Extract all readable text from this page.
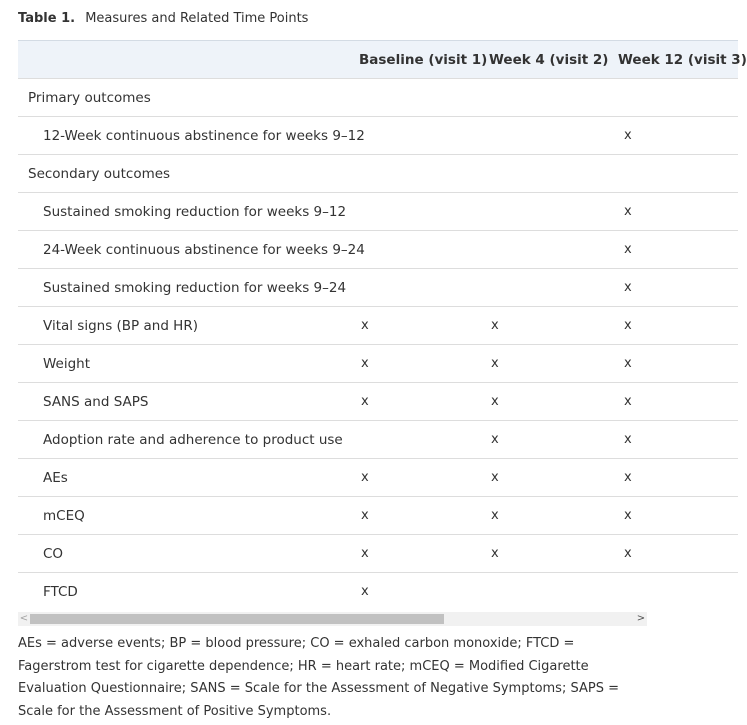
Table 1. Measures and Related Time Points
	Baseline (visit 1)	Week 4 (visit 2)	Week 12 (visit 3)
Primary outcomes			
12-Week continuous abstinence for weeks 9–12			x
Secondary outcomes			
Sustained smoking reduction for weeks 9–12			x
24-Week continuous abstinence for weeks 9–24			x
Sustained smoking reduction for weeks 9–24			x
Vital signs (BP and HR)	x	x	x
Weight	x	x	x
SANS and SAPS	x	x	x
Adoption rate and adherence to product use		x	x
AEs	x	x	x
mCEQ	x	x	x
CO	x	x	x
FTCD	x		
<	>
AEs = adverse events; BP = blood pressure; CO = exhaled carbon monoxide; FTCD = Fagerstrom test for cigarette dependence; HR = heart rate; mCEQ = Modified Cigarette Evaluation Questionnaire; SANS = Scale for the Assessment of Negative Symptoms; SAPS = Scale for the Assessment of Positive Symptoms.
